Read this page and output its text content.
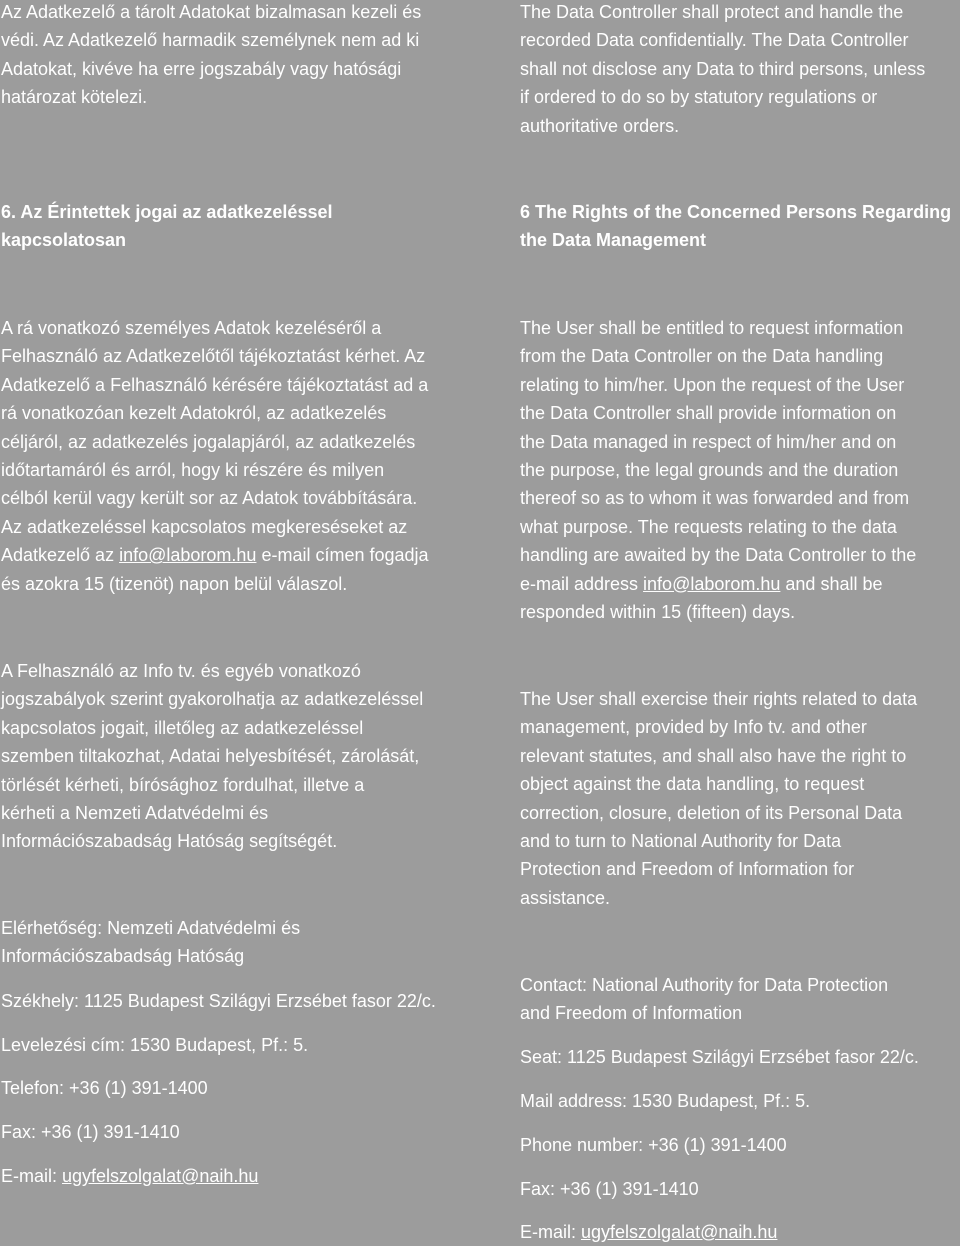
Az Adatkezelő a tárolt Adatokat bizalmasan kezeli és
védi. Az Adatkezelő harmadik személynek nem ad ki
Adatokat, kivéve ha erre jogszabály vagy hatósági
határozat kötelezi.
6. Az Érintettek jogai az adatkezeléssel
kapcsolatosan
A rá vonatkozó személyes Adatok kezeléséről a
Felhasználó az Adatkezelőtől tájékoztatást kérhet. Az
Adatkezelő a Felhasználó kérésére tájékoztatást ad a
rá vonatkozóan kezelt Adatokról, az adatkezelés
céljáról, az adatkezelés jogalapjáról, az adatkezelés
időtartamáról és arról, hogy ki részére és milyen
célból kerül vagy került sor az Adatok továbbítására.
Az adatkezeléssel kapcsolatos megkereséseket az
Adatkezelő az info@laborom.hu e-mail címen fogadja
és azokra 15 (tizenöt) napon belül válaszol.
A Felhasználó az Info tv. és egyéb vonatkozó
jogszabályok szerint gyakorolhatja az adatkezeléssel
kapcsolatos jogait, illetőleg az adatkezeléssel
szemben tiltakozhat, Adatai helyesbítését, zárolását,
törlését kérheti, bírósághoz fordulhat, illetve a
kérheti a Nemzeti Adatvédelmi és
Információszabadság Hatóság segítségét.
Elérhetőség: Nemzeti Adatvédelmi és
Információszabadság Hatóság
Székhely: 1125 Budapest Szilágyi Erzsébet fasor 22/c.
Levelezési cím: 1530 Budapest, Pf.: 5.
Telefon: +36 (1) 391-1400
Fax: +36 (1) 391-1410
E-mail: ugyfelszolgalat@naih.hu
The Data Controller shall protect and handle the
recorded Data confidentially. The Data Controller
shall not disclose any Data to third persons, unless
if ordered to do so by statutory regulations or
authoritative orders.
6 The Rights of the Concerned Persons Regarding
the Data Management
The User shall be entitled to request information
from the Data Controller on the Data handling
relating to him/her. Upon the request of the User
the Data Controller shall provide information on
the Data managed in respect of him/her and on
the purpose, the legal grounds and the duration
thereof so as to whom it was forwarded and from
what purpose. The requests relating to the data
handling are awaited by the Data Controller to the
e-mail address info@laborom.hu and shall be
responded within 15 (fifteen) days.
The User shall exercise their rights related to data
management, provided by Info tv. and other
relevant statutes, and shall also have the right to
object against the data handling, to request
correction, closure, deletion of its Personal Data
and to turn to National Authority for Data
Protection and Freedom of Information for
assistance.
Contact: National Authority for Data Protection
and Freedom of Information
Seat: 1125 Budapest Szilágyi Erzsébet fasor 22/c.
Mail address: 1530 Budapest, Pf.: 5.
Phone number: +36 (1) 391-1400
Fax: +36 (1) 391-1410
E-mail: ugyfelszolgalat@naih.hu
